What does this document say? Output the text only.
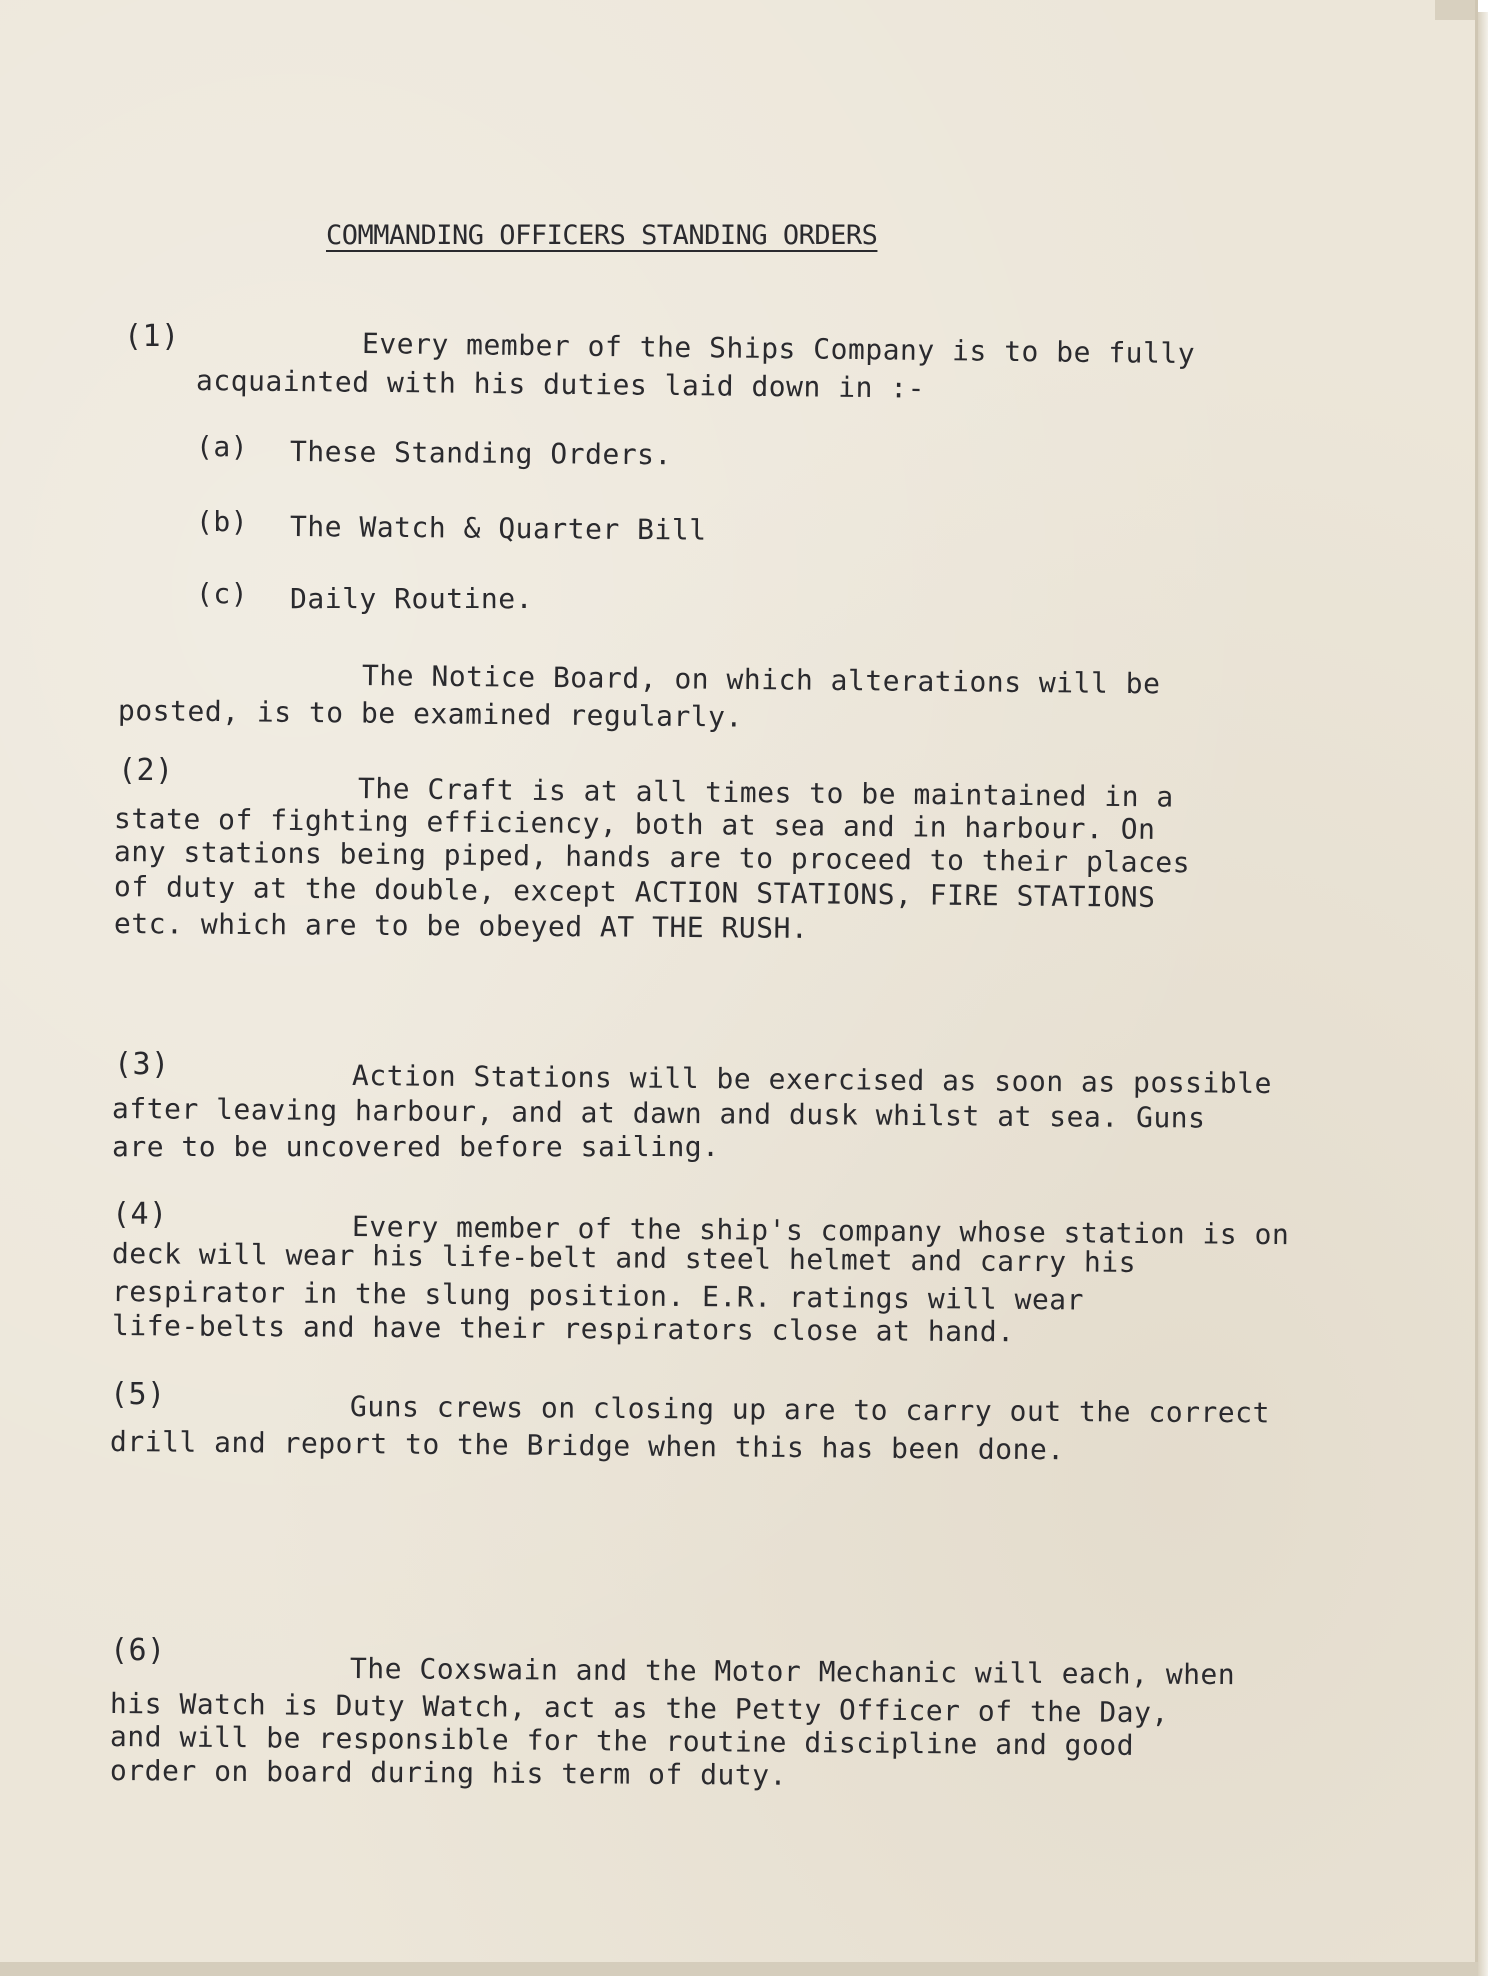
COMMANDING OFFICERS STANDING ORDERS
(1)	Every member of the Ships Company is to be fully
acquainted with his duties laid down in :-
(a) These Standing Orders.
(b) The Watch & Quarter Bill
(c) Daily Routine.
The Notice Board, on which alterations will be
posted, is to be examined regularly.
(2)
The Craft is at all times to be maintained in a
state of fighting efficiency, both at sea and in harbour. On
any stations being piped, hands are to proceed to their places
of duty at the double, except ACTION STATIONS, FIRE STATIONS
etc. which are to be obeyed AT THE RUSH.
(3)	Action Stations will be exercised as soon as possible
after leaving harbour, and at dawn and dusk whilst at sea. Guns
are to be uncovered before sailing.
(4)	Every member of the ship's company whose station is on
deck will wear his life-belt and steel helmet and carry his
respirator in the slung position. E.R. ratings will wear
life-belts and have their respirators close at hand.
(5)	Guns crews on closing up are to carry out the correct
drill and report to the Bridge when this has been done.
(6)
The Coxswain and the Motor Mechanic will each, when
his Watch is Duty Watch, act as the Petty Officer of the Day,
and will be responsible for the routine discipline and good
order on board during his term of duty.
